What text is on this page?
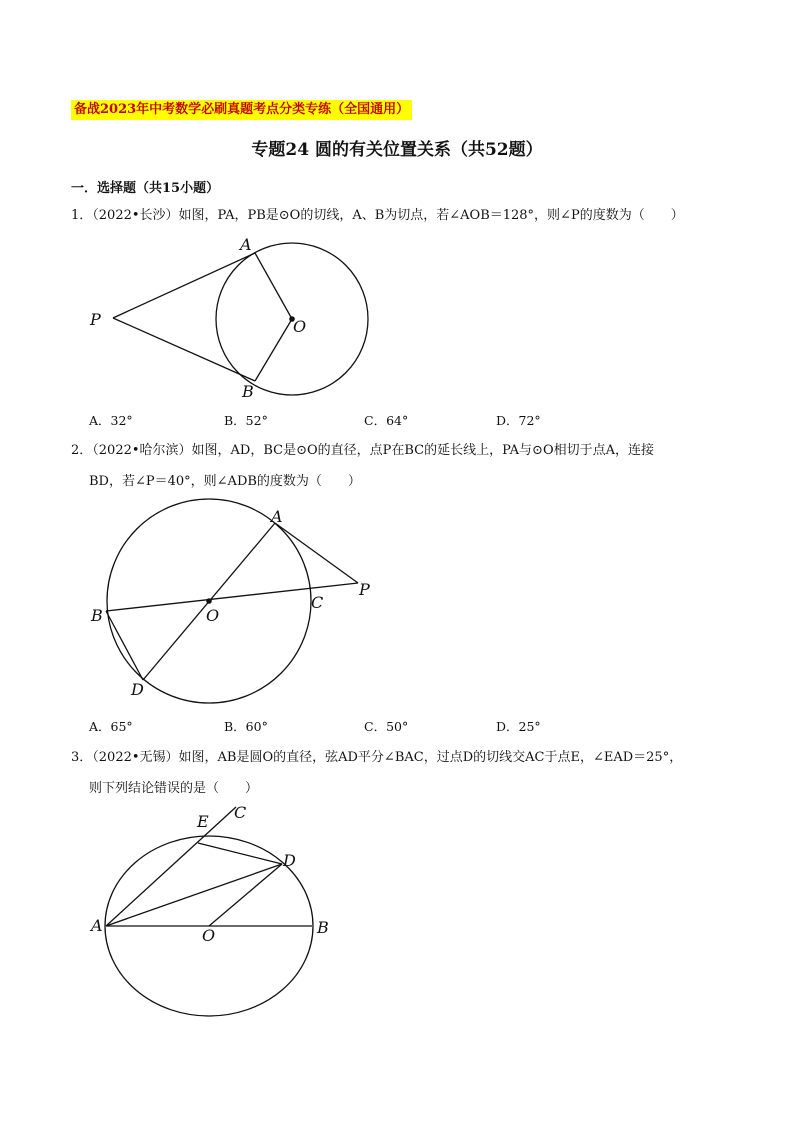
备战2023年中考数学必刷真题考点分类专练（全国通用）
专题24 圆的有关位置关系（共52题）
一．选择题（共15小题）
1．（2022•长沙）如图，PA，PB是⊙O的切线，A、B为切点，若∠AOB＝128°，则∠P的度数为（　　）
A
B
P	O
A．32°	B．52°	C．64°	D．72°
2．（2022•哈尔滨）如图，AD，BC是⊙O的直径，点P在BC的延长线上，PA与⊙O相切于点A，连接
BD，若∠P＝40°，则∠ADB的度数为（　　）
A
B
C
D
O
P
A．65°	B．60°	C．50°	D．25°
3．（2022•无锡）如图，AB是圆O的直径，弦AD平分∠BAC，过点D的切线交AC于点E，∠EAD＝25°，
则下列结论错误的是（　　）
A	B
C
D
E
O
